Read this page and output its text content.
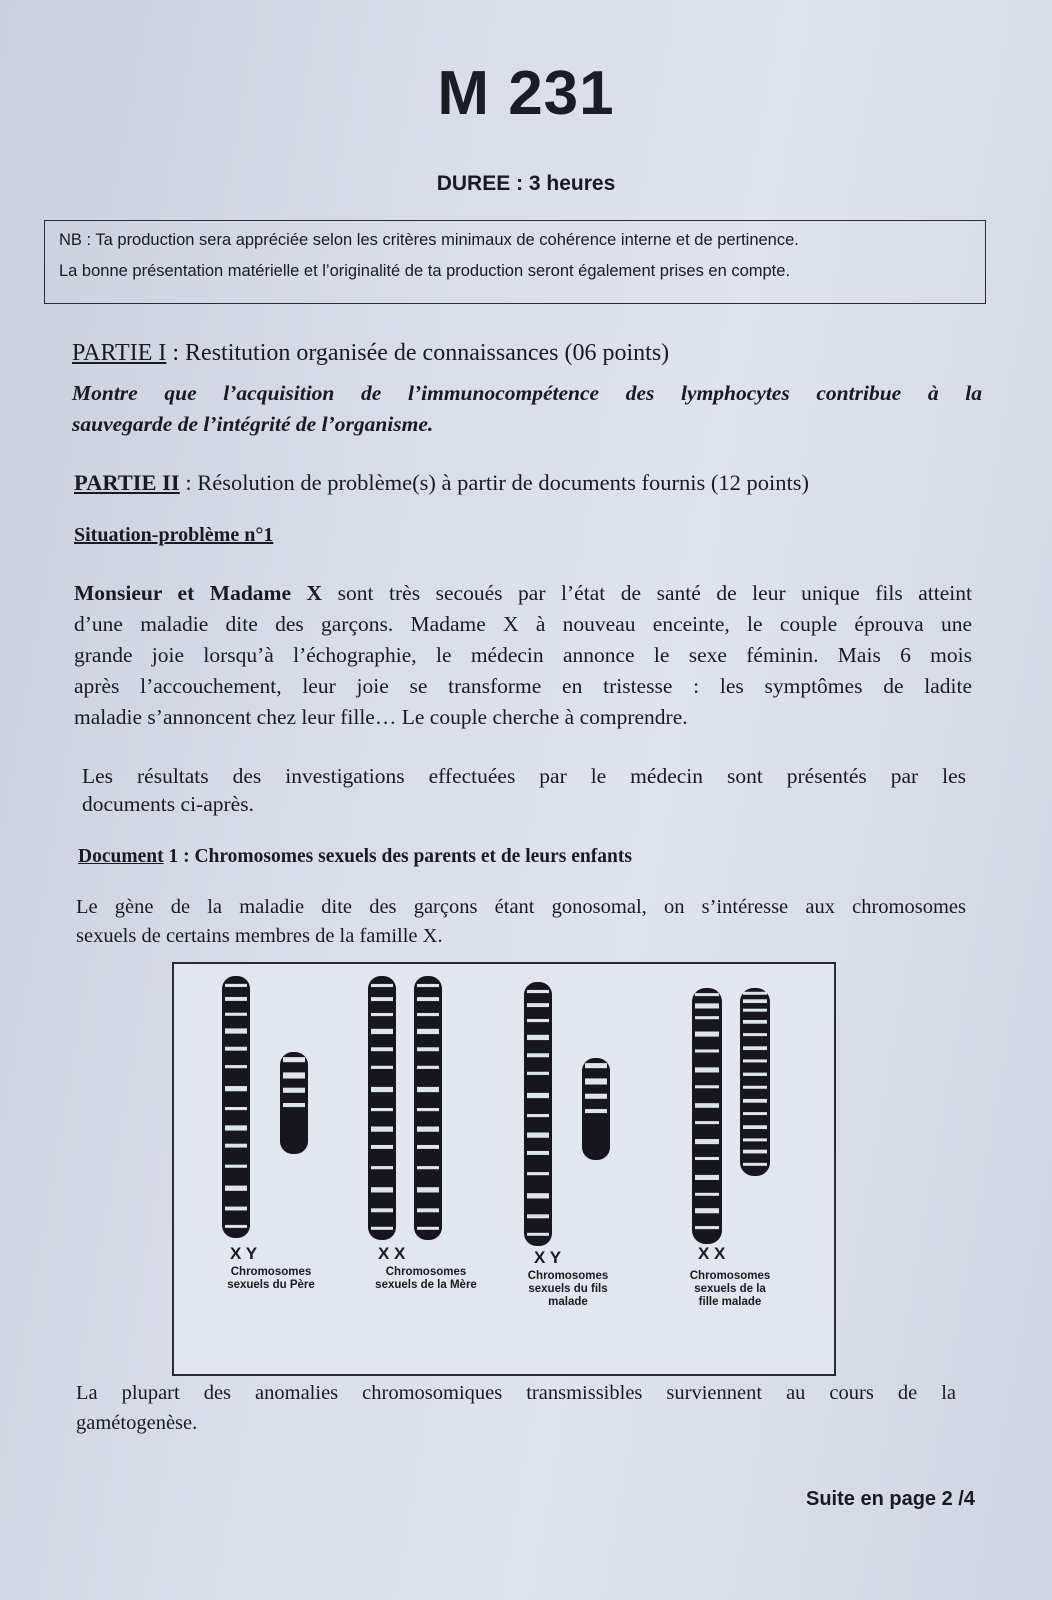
M 231
DUREE : 3 heures
NB : Ta production sera appréciée selon les critères minimaux de cohérence interne et de pertinence.
La bonne présentation matérielle et l’originalité de ta production seront également prises en compte.
PARTIE I : Restitution organisée de connaissances (06 points)
Montre que l’acquisition de l’immunocompétence des lymphocytes contribue à la
sauvegarde de l’intégrité de l’organisme.
PARTIE II : Résolution de problème(s) à partir de documents fournis (12 points)
Situation-problème n°1
Monsieur et Madame X sont très secoués par l’état de santé de leur unique fils atteint
d’une maladie dite des garçons. Madame X à nouveau enceinte, le couple éprouva une
grande joie lorsqu’à l’échographie, le médecin annonce le sexe féminin. Mais 6 mois
après l’accouchement, leur joie se transforme en tristesse : les symptômes de ladite
maladie s’annoncent chez leur fille… Le couple cherche à comprendre.
Les résultats des investigations effectuées par le médecin sont présentés par les
documents ci-après.
Document 1 : Chromosomes sexuels des parents et de leurs enfants
Le gène de la maladie dite des garçons étant gonosomal, on s’intéresse aux chromosomes
sexuels de certains membres de la famille X.
X Y
Chromosomes
sexuels du Père
X X
Chromosomes
sexuels de la Mère
X Y
Chromosomes
sexuels du fils
malade
X X
Chromosomes
sexuels de la
fille malade
La plupart des anomalies chromosomiques transmissibles surviennent au cours de la
gamétogenèse.
Suite en page 2 /4
